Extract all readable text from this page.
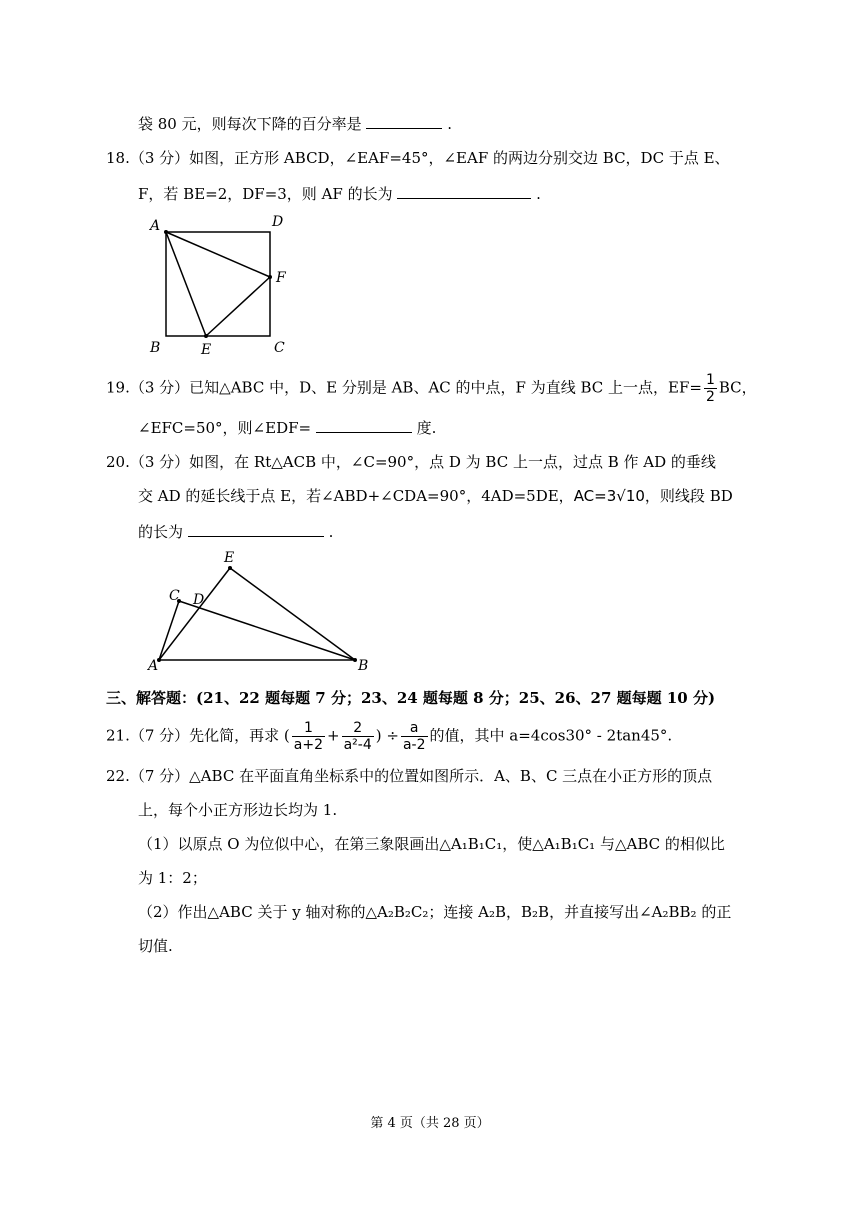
袋 80 元，则每次下降的百分率是	.
18.（3 分）如图，正方形 ABCD，∠EAF=45°，∠EAF 的两边分别交边 BC，DC 于点 E、
F，若 BE=2，DF=3，则 AF 的长为	.
A	D
F
B	E	C
19.（3 分）已知△ABC 中，D、E 分别是 AB、AC 的中点，F 为直线 BC 上一点，$EF= \frac{1}{2}$ BC，
∠EFC=50°，则∠EDF=	度.
20.（3 分）如图，在 Rt△ACB 中，∠C=90°，点 D 为 BC 上一点，过点 B 作 AD 的垂线
交 AD 的延长线于点 E，若∠ABD+∠CDA=90°，4AD=5DE，AC=3√10，则线段 BD
的长为	.
E
C D
A	B
三、解答题：(21、22 题每题 7 分；23、24 题每题 8 分；25、26、27 题每题 10 分)
21.（7 分）先化简，再求 ( $\frac{1}{a+2} + \frac{2}{\text{a²-4}}$ ) ÷ $\frac{a}{a-2}$ 的值，其中 a=4cos30° - 2tan45°.
22.（7 分）△ABC 在平面直角坐标系中的位置如图所示．A、B、C 三点在小正方形的顶点
上，每个小正方形边长均为 1.
（1）以原点 O 为位似中心，在第三象限画出△A₁B₁C₁，使△A₁B₁C₁ 与△ABC 的相似比
为 1：2；
（2）作出△ABC 关于 y 轴对称的△A₂B₂C₂；连接 A₂B，B₂B，并直接写出∠A₂BB₂ 的正
切值.
第 4 页（共 28 页）
